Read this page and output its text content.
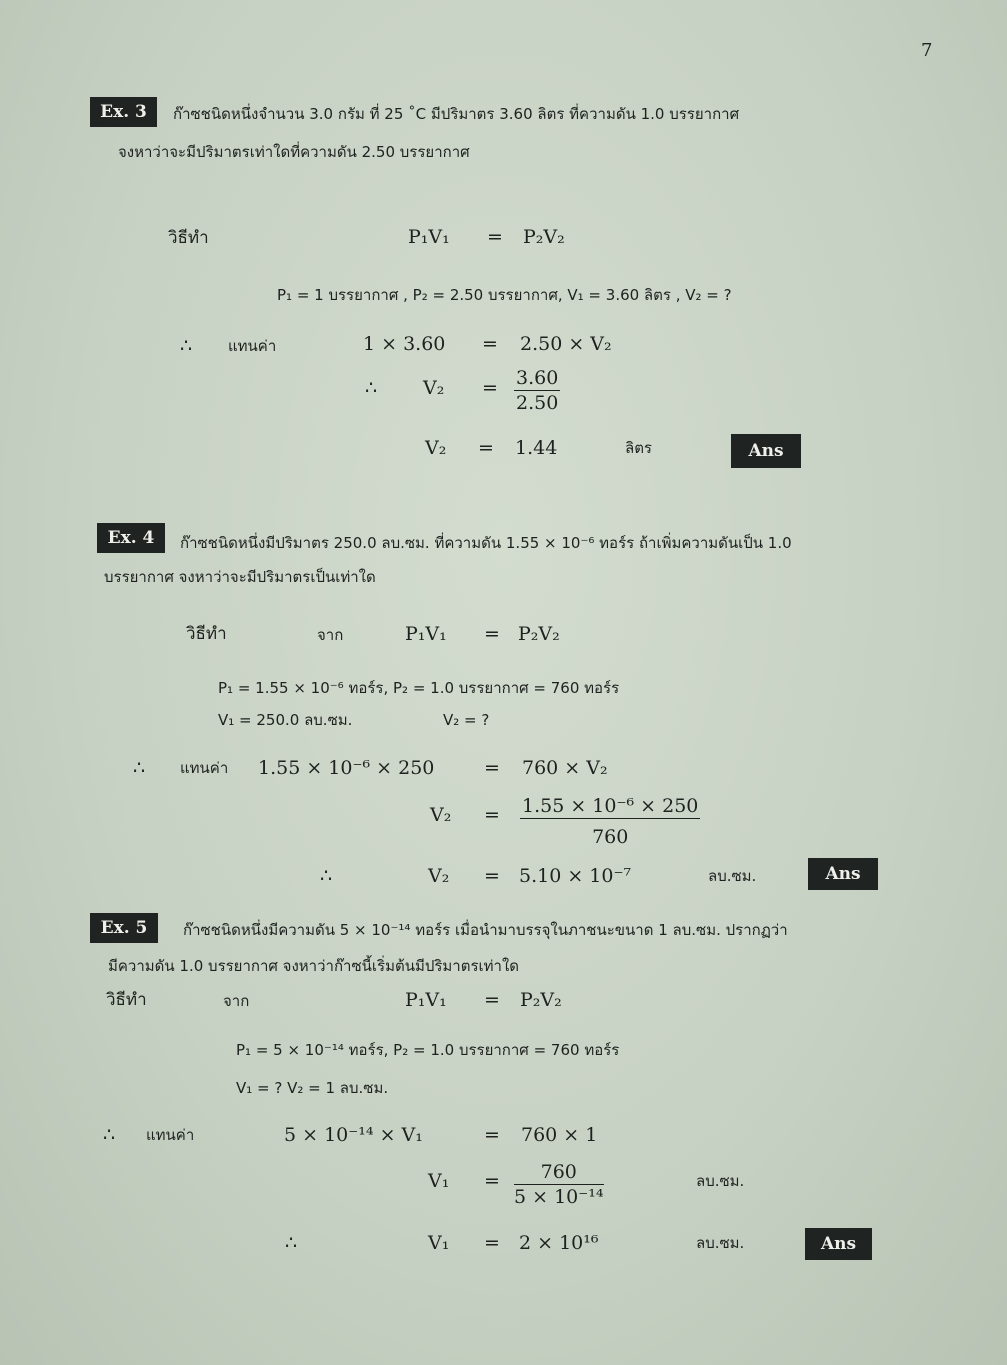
7
Ex. 3	ก๊าซชนิดหนึ่งจำนวน 3.0 กรัม ที่ 25 ˚C มีปริมาตร 3.60 ลิตร ที่ความดัน 1.0 บรรยากาศ
จงหาว่าจะมีปริมาตรเท่าใดที่ความดัน 2.50 บรรยากาศ
วิธีทำ	P₁V₁ = P₂V₂
P₁ = 1 บรรยากาศ , P₂ = 2.50 บรรยากาศ, V₁ = 3.60 ลิตร , V₂ = ?
∴ แทนค่า	1 × 3.60 = 2.50 × V₂
∴ $V_2 = \frac{3.60}{2.50}$
V₂ = 1.44	ลิตร	Ans
Ex. 4	ก๊าซชนิดหนึ่งมีปริมาตร 250.0 ลบ.ซม. ที่ความดัน 1.55 × 10⁻⁶ ทอร์ร ถ้าเพิ่มความดันเป็น 1.0
บรรยากาศ จงหาว่าจะมีปริมาตรเป็นเท่าใด
วิธีทำ	จาก	P₁V₁ = P₂V₂
P₁ = 1.55 × 10⁻⁶ ทอร์ร, P₂ = 1.0 บรรยากาศ = 760 ทอร์ร
V₁ = 250.0 ลบ.ซม.	V₂ = ?
∴ แทนค่า 1.55 × 10⁻⁶ × 250	= 760 × V₂
$V_2 = \frac{\text{1.55 × 10⁻⁶ × 250}}{760}$
∴	V₂ = 5.10 × 10⁻⁷	ลบ.ซม.	Ans
Ex. 5	ก๊าซชนิดหนึ่งมีความดัน 5 × 10⁻¹⁴ ทอร์ร เมื่อนำมาบรรจุในภาชนะขนาด 1 ลบ.ซม. ปรากฏว่า
มีความดัน 1.0 บรรยากาศ จงหาว่าก๊าซนี้เริ่มต้นมีปริมาตรเท่าใด
วิธีทำ	จาก	P₁V₁ = P₂V₂
P₁ = 5 × 10⁻¹⁴ ทอร์ร, P₂ = 1.0 บรรยากาศ = 760 ทอร์ร
V₁ = ? V₂ = 1 ลบ.ซม.
∴ แทนค่า	5 × 10⁻¹⁴ × V₁	= 760 × 1
$V_1 = \frac{760}{\text{5 × 10⁻¹⁴}}$	ลบ.ซม.
∴	V₁ = 2 × 10¹⁶	ลบ.ซม.	Ans
